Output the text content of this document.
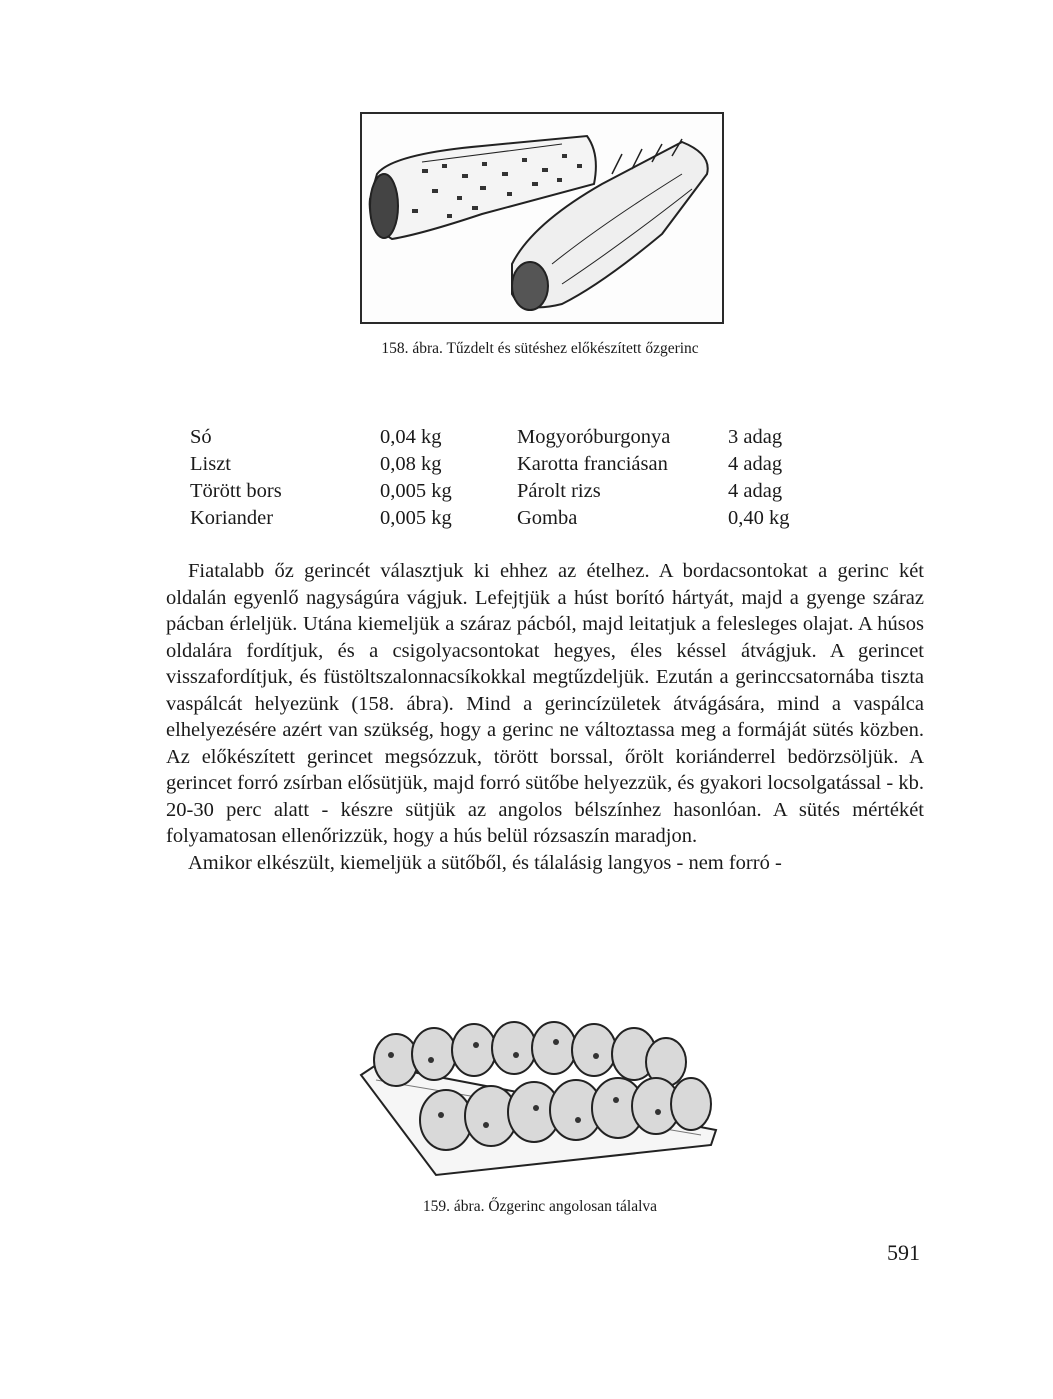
158. ábra. Tűzdelt és sütéshez előkészített őzgerinc
Só	0,04 kg	Mogyoróburgonya	3 adag
Liszt	0,08 kg	Karotta franciásan	4 adag
Törött bors	0,005 kg	Párolt rizs	4 adag
Koriander	0,005 kg	Gomba	0,40 kg

Fiatalabb őz gerincét választjuk ki ehhez az ételhez. A bordacsontokat a gerinc két oldalán egyenlő nagyságúra vágjuk. Lefejtjük a húst borító hártyát, majd a gyenge száraz pácban érleljük. Utána kiemeljük a száraz pácból, majd leitatjuk a felesleges olajat. A húsos oldalára fordítjuk, és a csigolyacsontokat hegyes, éles késsel átvágjuk. A gerincet visszafordítjuk, és füstöltszalonnacsíkokkal megtűzdeljük. Ezután a gerinccsatornába tiszta vaspálcát helyezünk (158. ábra). Mind a gerincízületek átvágására, mind a vaspálca elhelyezésére azért van szükség, hogy a gerinc ne változtassa meg a formáját sütés közben. Az előkészített gerincet megsózzuk, törött borssal, őrölt koriánderrel bedörzsöljük. A gerincet forró zsírban elősütjük, majd forró sütőbe helyezzük, és gyakori locsolgatással - kb. 20-30 perc alatt - készre sütjük az angolos bélszínhez hasonlóan. A sütés mértékét folyamatosan ellenőrizzük, hogy a hús belül rózsaszín maradjon.

Amikor elkészült, kiemeljük a sütőből, és tálalásig langyos - nem forró -

159. ábra. Őzgerinc angolosan tálalva
591
